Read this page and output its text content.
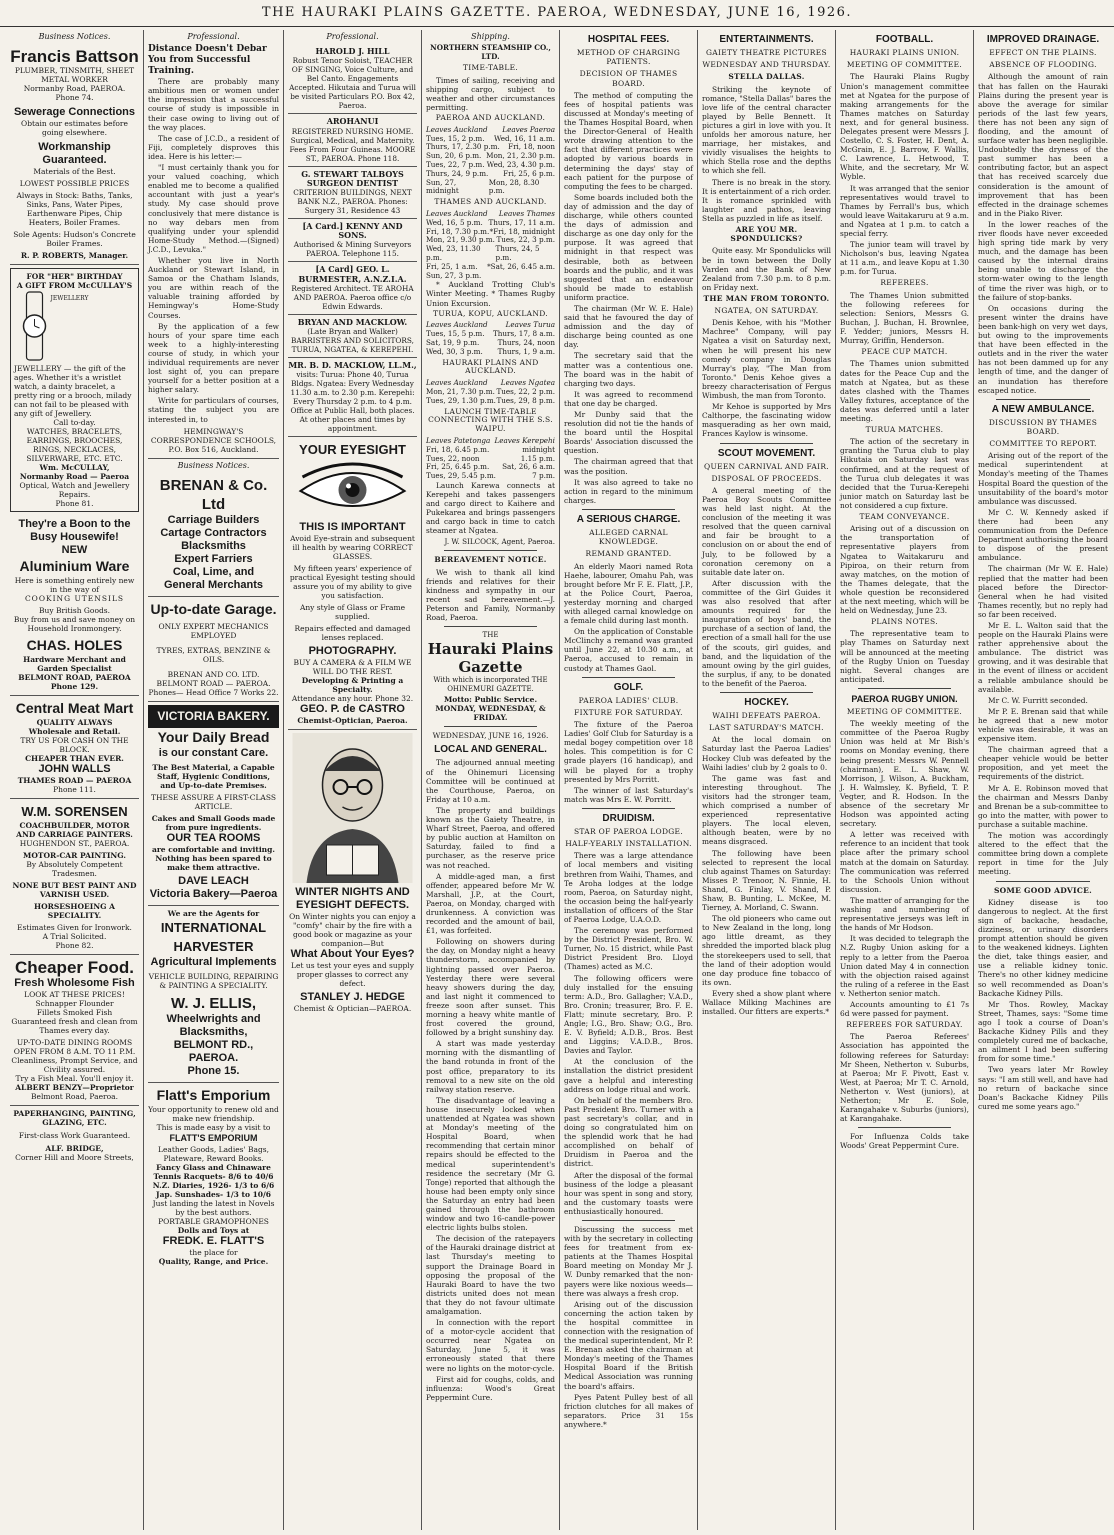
THE HAURAKI PLAINS GAZETTE. PAEROA, WEDNESDAY, JUNE 16, 1926.
Business Notices.
Francis Battson
PLUMBER, TINSMITH, SHEET METAL WORKER
Normanby Road, PAEROA.
Phone 74.
Sewerage Connections
Obtain our estimates before going elsewhere.
Workmanship Guaranteed.
Materials of the Best.
LOWEST POSSIBLE PRICES
Always in Stock: Baths, Tanks, Sinks, Pans, Water Pipes, Earthenware Pipes, Chip Heaters, Boiler Frames.
Sole Agents: Hudson's Concrete Boiler Frames.
R. P. ROBERTS, Manager.
FOR "HER" BIRTHDAY
A GIFT FROM McCULLAY'S
JEWELLERY
JEWELLERY — the gift of the ages. Whether it's a wristlet watch, a dainty bracelet, a pretty ring or a brooch, milady can not fail to be pleased with any gift of Jewellery.
Call to-day.
WATCHES, BRACELETS, EARRINGS, BROOCHES, RINGS, NECKLACES, SILVERWARE, ETC. ETC.
Wm. McCULLAY,
Normanby Road — Paeroa
Optical, Watch and Jewellery Repairs.
Phone 81.
They're a Boon to the Busy Housewife!
NEW
Aluminium Ware
Here is something entirely new in the way of
COOKING UTENSILS
Buy British Goods.
Buy from us and save money on Household Ironmongery.
CHAS. HOLES
Hardware Merchant and Garden Specialist
BELMONT ROAD, PAEROA Phone 129.
Central Meat Mart
QUALITY ALWAYS
Wholesale and Retail.
TRY US FOR CASH ON THE BLOCK.
CHEAPER THAN EVER.
JOHN WALLS
THAMES ROAD — PAEROA
Phone 111.
W.M. SORENSEN
COACHBUILDER, MOTOR AND CARRIAGE PAINTERS.
HUGHENDON ST., PAEROA.
MOTOR-CAR PAINTING.
By Absolutely Competent Tradesmen.
NONE BUT BEST PAINT AND VARNISH USED.
HORSESHOEING A SPECIALITY.
Estimates Given for Ironwork.
A Trial Solicited.
Phone 82.
Cheaper Food.
Fresh Wholesome Fish
LOOK AT THESE PRICES!
Schnapper Flounder
Fillets Smoked Fish
Guaranteed fresh and clean from Thames every day.
UP-TO-DATE DINING ROOMS OPEN FROM 8 A.M. TO 11 P.M.
Cleanliness, Prompt Service, and Civility assured.
Try a Fish Meal. You'll enjoy it.
ALBERT BENZY—Proprietor
Belmont Road, Paeroa.
PAPERHANGING, PAINTING, GLAZING, ETC.
First-class Work Guaranteed.
ALF. BRIDGE,
Corner Hill and Moore Streets,
Professional.
Distance Doesn't Debar You from Successful Training.

There are probably many ambitious men or women under the impression that a successful course of study is impossible in their case owing to living out of the way places.

The case of J.C.D., a resident of Fiji, completely disproves this idea. Here is his letter:—

"I must certainly thank you for your valued coaching, which enabled me to become a qualified accountant with just a year's study. My case should prove conclusively that mere distance is no way debars men from qualifying under your splendid Home-Study Method.—(Signed) J.C.D., Levuka."

Whether you live in North Auckland or Stewart Island, in Samoa or the Chatham Islands, you are within reach of the valuable training afforded by Hemingway's Home-Study Courses.

By the application of a few hours of your spare time each week to a highly-interesting course of study, in which your individual requirements are never lost sight of, you can prepare yourself for a better position at a higher salary.

Write for particulars of courses, stating the subject you are interested in, to

HEMINGWAY'S CORRESPONDENCE SCHOOLS,
P.O. Box 516, Auckland.
Business Notices.
BRENAN & Co. Ltd
Carriage Builders
Cartage Contractors
Blacksmiths
Expert Farriers
Coal, Lime, and
General Merchants
Up-to-date Garage.
ONLY EXPERT MECHANICS EMPLOYED
TYRES, EXTRAS, BENZINE & OILS.
BRENAN AND CO. LTD.
BELMONT ROAD — PAEROA.
Phones— Head Office 7 Works 22.
VICTORIA BAKERY.
Your Daily Bread
is our constant Care.
The Best Material, a Capable Staff, Hygienic Conditions, and Up-to-date Premises.
THESE ASSURE A FIRST-CLASS ARTICLE.
Cakes and Small Goods made from pure ingredients.
OUR TEA ROOMS
are comfortable and inviting. Nothing has been spared to make them attractive.
DAVE LEACH
Victoria Bakery—Paeroa
We are the Agents for
INTERNATIONAL HARVESTER
Agricultural Implements
VEHICLE BUILDING, REPAIRING & PAINTING A SPECIALITY.
W. J. ELLIS,
Wheelwrights and Blacksmiths,
BELMONT RD., PAEROA.
Phone 15.
Flatt's Emporium
Your opportunity to renew old and make new friendship.
This is made easy by a visit to
FLATT'S EMPORIUM
Leather Goods, Ladies' Bags, Plateware, Reward Books.
Fancy Glass and Chinaware
Tennis Racquets- 8/6 to 40/6
N.Z. Diaries, 1926- 1/3 to 6/6
Jap. Sunshades- 1/3 to 10/6
Just landing the latest in Novels by the best authors.
PORTABLE GRAMOPHONES
Dolls and Toys at
FREDK. E. FLATT'S
the place for
Quality, Range, and Price.
Professional.
HAROLD J. HILL
Robust Tenor Soloist, TEACHER OF SINGING, Voice Culture, and Bel Canto. Engagements Accepted. Hikutaia and Turua will be visited Particulars P.O. Box 42, Paeroa.
AROHANUI
REGISTERED NURSING HOME. Surgical, Medical, and Maternity. Fees From Four Guineas. MOORE ST., PAEROA. Phone 118.
G. STEWART TALBOYS SURGEON DENTIST
CRITERION BUILDINGS, NEXT BANK N.Z., PAEROA. Phones: Surgery 31, Residence 43
[A Card.] KENNY AND SONS.
Authorised & Mining Surveyors PAEROA. Telephone 115.
[A Card] GEO. L. BURMESTER, A.N.Z.I.A.
Registered Architect. TE AROHA AND PAEROA. Paeroa office c/o Edwin Edwards.
BRYAN AND MACKLOW.
(Late Bryan and Walker) BARRISTERS AND SOLICITORS, TURUA, NGATEA, & KEREPEHI.
MR. B. D. MACKLOW, LL.M.,
visits: Turua: Phone 40, Turua Bldgs. Ngatea: Every Wednesday 11.30 a.m. to 2.30 p.m. Kerepehi: Every Thursday 2 p.m. to 4 p.m. Office at Public Hall, both places. At other places and times by appointment.
YOUR EYESIGHT
THIS IS IMPORTANT
Avoid Eye-strain and subsequent ill health by wearing CORRECT GLASSES.
My fifteen years' experience of practical Eyesight testing should assure you of my ability to give you satisfaction.
Any style of Glass or Frame supplied.
Repairs effected and damaged lenses replaced.
PHOTOGRAPHY.
BUY A CAMERA & A FILM WE WILL DO THE REST.
Developing & Printing a Specialty.
Attendance any hour. Phone 32.
GEO. P. de CASTRO
Chemist-Optician, Paeroa.
WINTER NIGHTS AND EYESIGHT DEFECTS.
On Winter nights you can enjoy a "comfy" chair by the fire with a good book or magazine as your companion—But
What About Your Eyes?
Let us test your eyes and supply proper glasses to correct any defect.
STANLEY J. HEDGE
Chemist & Optician—PAEROA.
Shipping.
NORTHERN STEAMSHIP CO., LTD.
TIME-TABLE.

Times of sailing, receiving and shipping cargo, subject to weather and other circumstances permitting.

PAEROA AND AUCKLAND.
Leaves Auckland Leaves Paeroa
Tues, 15, 2 p.m. Wed, 16, 11 a.m.
Thurs, 17, 2.30 p.m. Fri, 18, noon
Sun, 20, 6 p.m. Mon, 21, 2.30 p.m.
Tues, 22, 7 p.m. Wed, 23, 4.30 p.m.
Thurs, 24, 9 p.m. Fri, 25, 6 p.m.
Sun, 27, midnight
Mon, 28, 8.30 p.m.
THAMES AND AUCKLAND.
Leaves Auckland Leaves Thames
Wed, 16, 5 p.m. Thurs, 17, 11 a.m.
Fri, 18, 7.30 p.m. *Fri, 18, midnight
Mon, 21, 9.30 p.m. Tues, 22, 3 p.m.
Wed, 23, 11.30 p.m.
Thurs, 24, 5 p.m.
Fri, 25, 1 a.m. *Sat, 26, 6.45 a.m.
Sun, 27, 3 p.m.

* Auckland Trotting Club's Winter Meeting. * Thames Rugby Union Excursion.

TURUA, KOPU, AUCKLAND.
Leaves Auckland	Leaves Turua
Tues, 15, 5 p.m. Thurs, 17, 8 a.m.
Sat, 19, 9 p.m.	Thurs, 24, noon
Wed, 30, 3 p.m. Thurs, 1, 9 a.m.
HAURAKI PLAINS AND AUCKLAND.
Leaves Auckland Leaves Ngatea
Mon, 21, 7.30 p.m. Tues, 22, 2 p.m.
Tues, 29, 1.30 p.m. Tues, 29, 8 p.m.
LAUNCH TIME-TABLE CONNECTING WITH THE S.S. WAIPU.
Leaves Patetonga Leaves Kerepehi
Fri, 18, 6.45 p.m.	midnight
Tues, 22, noon	1.15 p.m.
Fri, 25, 6.45 p.m. Sat, 26, 6 a.m.
Tues, 29, 5.45 p.m.	7 p.m.

Launch Karewa connects at Kerepehi and takes passengers and cargo direct to Kaihere and Pukekarea and brings passengers and cargo back in time to catch steamer at Ngatea.

J. W. SILCOCK, Agent, Paeroa.
BEREAVEMENT NOTICE.

We wish to thank all kind friends and relatives for their kindness and sympathy in our recent sad bereavement.—J. Peterson and Family, Normanby Road, Paeroa.

THE
Hauraki Plains Gazette
With which is incorporated THE OHINEMURI GAZETTE.
Motto: Public Service.
MONDAY, WEDNESDAY, & FRIDAY.
WEDNESDAY, JUNE 16, 1926.
LOCAL AND GENERAL.

The adjourned annual meeting of the Ohinemuri Licensing Committee will be continued at the Courthouse, Paeroa, on Friday at 10 a.m.

The property and buildings known as the Gaiety Theatre, in Wharf Street, Paeroa, and offered by public auction at Hamilton on Saturday, failed to find a purchaser, as the reserve price was not reached.

A middle-aged man, a first offender, appeared before Mr W. Marshall, J.P., at the Court, Paeroa, on Monday, charged with drunkenness. A conviction was recorded and the amount of bail, £1, was forfeited.

Following on showers during the day, on Monday night a heavy thunderstorm, accompanied by lightning passed over Paeroa. Yesterday there were several heavy showers during the day, and last night it commenced to freeze soon after sunset. This morning a heavy white mantle of frost covered the ground, followed by a bright sunshiny day.

A start was made yesterday morning with the dismantling of the band rotunda in front of the post office, preparatory to its removal to a new site on the old railway station reserve.

The disadvantage of leaving a house insecurely locked when unattended at Ngatea was shown at Monday's meeting of the Hospital Board, when recommending that certain minor repairs should be effected to the medical superintendent's residence the secretary (Mr G. Tonge) reported that although the house had been empty only since the Saturday an entry had been gained through the bathroom window and two 16-candle-power electric lights bulbs stolen.

The decision of the ratepayers of the Hauraki drainage district at last Thursday's meeting to support the Drainage Board in opposing the proposal of the Hauraki Board to have the two districts united does not mean that they do not favour ultimate amalgamation.

In connection with the report of a motor-cycle accident that occurred near Ngatea on Saturday, June 5, it was erroneously stated that there were no lights on the motor-cycle.

First aid for coughs, colds, and influenza: Wood's Great Peppermint Cure.

HOSPITAL FEES.
METHOD OF CHARGING PATIENTS.
DECISION OF THAMES BOARD.

The method of computing the fees of hospital patients was discussed at Monday's meeting of the Thames Hospital Board, when the Director-General of Health wrote drawing attention to the fact that different practices were adopted by various boards in determining the days' stay of each patient for the purpose of computing the fees to be charged.

Some boards included both the day of admission and the day of discharge, while others counted the days of admission and discharge as one day only for the purpose. It was agreed that midnight in that respect was desirable, both as between boards and the public, and it was suggested that an endeavour should be made to establish uniform practice.

The chairman (Mr W. E. Hale) said that he favoured the day of admission and the day of discharge being counted as one day.

The secretary said that the matter was a contentious one. The board was in the habit of charging two days.

It was agreed to recommend that one day be charged.

Mr Dunby said that the resolution did not tie the hands of the board until the Hospital Boards' Association discussed the question.

The chairman agreed that that was the position.

It was also agreed to take no action in regard to the minimum charges.

A SERIOUS CHARGE.
ALLEGED CARNAL KNOWLEDGE.
REMAND GRANTED.

An elderly Maori named Rota Haehe, labourer, Omahu Pah, was brought before Mr F. E. Flatt, J.P., at the Police Court, Paeroa, yesterday morning and charged with alleged carnal knowledge on a female child during last month.

On the application of Constable McClinchy a remand was granted until June 22, at 10.30 a.m., at Paeroa, accused to remain in custody at Thames Gaol.

GOLF.
PAEROA LADIES' CLUB.
FIXTURE FOR SATURDAY.

The fixture of the Paeroa Ladies' Golf Club for Saturday is a medal bogey competition over 18 holes. This competition is for C grade players (16 handicap), and will be played for a trophy presented by Mrs Porritt.

The winner of last Saturday's match was Mrs E. W. Porritt.

DRUIDISM.
STAR OF PAEROA LODGE.
HALF-YEARLY INSTALLATION.

There was a large attendance of local members and visiting brethren from Waihi, Thames, and Te Aroha lodges at the lodge room, Paeroa, on Saturday night, the occasion being the half-yearly installation of officers of the Star of Paeroa Lodge, U.A.O.D.

The ceremony was performed by the District President, Bro. W. Turner, No. 15 district, while Past District President Bro. Lloyd (Thames) acted as M.C.

The following officers were duly installed for the ensuing term: A.D., Bro. Gallagher; V.A.D., Bro. Cronin; treasurer, Bro. F. E. Flatt; minute secretary, Bro. P. Angle; I.G., Bro. Shaw; O.G., Bro. E. V. Byfield; A.D.B., Bros. Best and Liggins; V.A.D.B., Bros. Davies and Taylor.

At the conclusion of the installation the district president gave a helpful and interesting address on lodge ritual and work.

On behalf of the members Bro. Past President Bro. Turner with a past secretary's collar, and in doing so congratulated him on the splendid work that he had accomplished on behalf of Druidism in Paeroa and the district.

After the disposal of the formal business of the lodge a pleasant hour was spent in song and story, and the customary toasts were enthusiastically honoured.

Discussing the success met with by the secretary in collecting fees for treatment from ex-patients at the Thames Hospital Board meeting on Monday Mr J. W. Dunby remarked that the non-payers were like noxious weeds—there was always a fresh crop.

Arising out of the discussion concerning the action taken by the hospital committee in connection with the resignation of the medical superintendent, Mr P. E. Brenan asked the chairman at Monday's meeting of the Thames Hospital Board if the British Medical Association was running the board's affairs.

Pyes Patent Pulley best of all friction clutches for all makes of separators. Price 31 15s anywhere.*

ENTERTAINMENTS.
GAIETY THEATRE PICTURES
WEDNESDAY AND THURSDAY.
STELLA DALLAS.

Striking the keynote of romance, "Stella Dallas" bares the love life of the central character played by Belle Bennett. It pictures a girl in love with you. It unfolds her amorous nature, her marriage, her mistakes, and vividly visualises the heights to which Stella rose and the depths to which she fell.

There is no break in the story. It is entertainment of a rich order. It is romance sprinkled with laughter and pathos, leaving Stella as puzzled in life as itself.

ARE YOU MR. SPONDULICKS?

Quite easy. Mr Spondulicks will be in town between the Dolly Varden and the Bank of New Zealand from 7.30 p.m. to 8 p.m. on Friday next.

THE MAN FROM TORONTO.
NGATEA, ON SATURDAY.

Denis Kehoe, with his "Mother Machree" Company, will pay Ngatea a visit on Saturday next, when he will present his new comedy company in Douglas Murray's play, "The Man from Toronto." Denis Kehoe gives a breezy characterisation of Fergus Wimbush, the man from Toronto.

Mr Kehoe is supported by Mrs Calthorpe, the fascinating widow masquerading as her own maid, Frances Kaylow is winsome.

SCOUT MOVEMENT.
QUEEN CARNIVAL AND FAIR.
DISPOSAL OF PROCEEDS.

A general meeting of the Paeroa Boy Scouts Committee was held last night. At the conclusion of the meeting it was resolved that the queen carnival and fair be brought to a conclusion on or about the end of July, to be followed by a coronation ceremony on a suitable date later on.

After discussion with the committee of the Girl Guides it was also resolved that after amounts required for the inauguration of boys' band, the purchase of a section of land, the erection of a small hall for the use of the scouts, girl guides, and band, and the liquidation of the amount owing by the girl guides, the surplus, if any, to be donated to the benefit of the Paeroa.

HOCKEY.
WAIHI DEFEATS PAEROA.
LAST SATURDAY'S MATCH.

At the local domain on Saturday last the Paeroa Ladies' Hockey Club was defeated by the Waihi ladies' club by 2 goals to 0.

The game was fast and interesting throughout. The visitors had the stronger team, which comprised a number of experienced representative players. The local eleven, although beaten, were by no means disgraced.

The following have been selected to represent the local club against Thames on Saturday: Misses P. Trenoor, N. Finnie, H. Shand, G. Finlay, V. Shand, P. Shaw, B. Bunting, L. McKee, M. Tierney, A. Morland, C. Swann.

The old pioneers who came out to New Zealand in the long, long ago little dreamt, as they shredded the imported black plug the storekeepers used to sell, that the land of their adoption would one day produce fine tobacco of its own.

Every shed a show plant where Wallace Milking Machines are installed. Our fitters are experts.*

FOOTBALL.
HAURAKI PLAINS UNION.
MEETING OF COMMITTEE.

The Hauraki Plains Rugby Union's management committee met at Ngatea for the purpose of making arrangements for the Thames matches on Saturday next, and for general business. Delegates present were Messrs J. Costello, C. S. Foster, H. Dent, A. McGrain, E. J. Barrow, F. Wallis, C. Lawrence, L. Hetwood, T. White, and the secretary, Mr W. Wyble.

It was arranged that the senior representatives would travel to Thames by Ferrall's bus, which would leave Waitakaruru at 9 a.m. and Ngatea at 1 p.m. to catch a special ferry.

The junior team will travel by Nicholson's bus, leaving Ngatea at 11 a.m., and leave Kopu at 1.30 p.m. for Turua.

REFEREES.

The Thames Union submitted the following referees for selection: Seniors, Messrs G. Buchan, J. Buchan, H. Brownlee, F. Yedder; juniors, Messrs H. Murray, Griffin, Henderson.

PEACE CUP MATCH.

The Thames union submitted dates for the Peace Cup and the match at Ngatea, but as these dates clashed with the Thames Valley fixtures, acceptance of the dates was deferred until a later meeting.

TURUA MATCHES.

The action of the secretary in granting the Turua club to play Hikutaia on Saturday last was confirmed, and at the request of the Turua club delegates it was decided that the Turua-Kerepehi junior match on Saturday last be not considered a cup fixture.

TEAM CONVEYANCE.

Arising out of a discussion on the transportation of representative players from Ngatea to Waitakaruru and Pipiroa, on their return from away matches, on the motion of the Thames delegate, that the whole question be reconsidered at the next meeting, which will be held on Wednesday, June 23.

PLAINS NOTES.

The representative team to play Thames on Saturday next will be announced at the meeting of the Rugby Union on Tuesday night. Several changes are anticipated.

PAEROA RUGBY UNION.
MEETING OF COMMITTEE.

The weekly meeting of the committee of the Paeroa Rugby Union was held at Mr Bish's rooms on Monday evening, there being present: Messrs W. Pennell (chairman), E. L. Shaw, W. Morrison, J. Wilson, A. Buckham, J. H. Walmsley, K. Byfield, T. P. Vegter, and R. Hodson. In the absence of the secretary Mr Hodson was appointed acting secretary.

A letter was received with reference to an incident that took place after the primary school match at the domain on Saturday. The communication was referred to the Schools Union without discussion.

The matter of arranging for the washing and numbering of representative jerseys was left in the hands of Mr Hodson.

It was decided to telegraph the N.Z. Rugby Union asking for a reply to a letter from the Paeroa Union dated May 4 in connection with the objection raised against the ruling of a referee in the East v. Netherton senior match.

Accounts amounting to £1 7s 6d were passed for payment.

REFEREES FOR SATURDAY.

The Paeroa Referees' Association has appointed the following referees for Saturday: Mr Sheen, Netherton v. Suburbs, at Paeroa; Mr F. Pivott, East v. West, at Paeroa; Mr T. C. Arnold, Netherton v. West (juniors), at Netherton; Mr E. Sole, Karangahake v. Suburbs (juniors), at Karangahake.

For Influenza Colds take Woods' Great Peppermint Cure.

IMPROVED DRAINAGE.
EFFECT ON THE PLAINS.
ABSENCE OF FLOODING.

Although the amount of rain that has fallen on the Hauraki Plains during the present year is above the average for similar periods of the last few years, there has not been any sign of flooding, and the amount of surface water has been negligible. Undoubtedly the dryness of the past summer has been a contributing factor, but an aspect that has received scarcely due consideration is the amount of improvement that has been effected in the drainage schemes and in the Piako River.

In the lower reaches of the river floods have never exceeded high spring tide mark by very much, and the damage has been caused by the internal drains being unable to discharge the storm-water owing to the length of time the river was high, or to the failure of stop-banks.

On occasions during the present winter the drains have been bank-high on very wet days, but owing to the improvements that have been effected in the outlets and in the river the water has not been dammed up for any length of time, and the danger of an inundation has therefore escaped notice.

A NEW AMBULANCE.
DISCUSSION BY THAMES BOARD.
COMMITTEE TO REPORT.

Arising out of the report of the medical superintendent at Monday's meeting of the Thames Hospital Board the question of the unsuitability of the board's motor ambulance was discussed.

Mr C. W. Kennedy asked if there had been any communication from the Defence Department authorising the board to dispose of the present ambulance.

The chairman (Mr W. E. Hale) replied that the matter had been placed before the Director-General when he had visited Thames recently, but no reply had so far been received.

Mr E. L. Walton said that the people on the Hauraki Plains were rather apprehensive about the ambulance. The district was growing, and it was desirable that in the event of illness or accident a reliable ambulance should be available.

Mr C. W. Furritt seconded.

Mr P. E. Brenan said that while he agreed that a new motor vehicle was desirable, it was an expensive item.

The chairman agreed that a cheaper vehicle would be better proposition, and yet meet the requirements of the district.

Mr A. E. Robinson moved that the chairman and Messrs Danby and Brenan be a sub-committee to go into the matter, with power to purchase a suitable machine.

The motion was accordingly altered to the effect that the committee bring down a complete report in time for the July meeting.

SOME GOOD ADVICE.

Kidney disease is too dangerous to neglect. At the first sign of backache, headache, dizziness, or urinary disorders prompt attention should be given to the weakened kidneys. Lighten the diet, take things easier, and use a reliable kidney tonic. There's no other kidney medicine so well recommended as Doan's Backache Kidney Pills.

Mr Thos. Rowley, Mackay Street, Thames, says: "Some time ago I took a course of Doan's Backache Kidney Pills and they completely cured me of backache, an ailment I had been suffering from for some time."

Two years later Mr Rowley says: "I am still well, and have had no return of backache since Doan's Backache Kidney Pills cured me some years ago."
